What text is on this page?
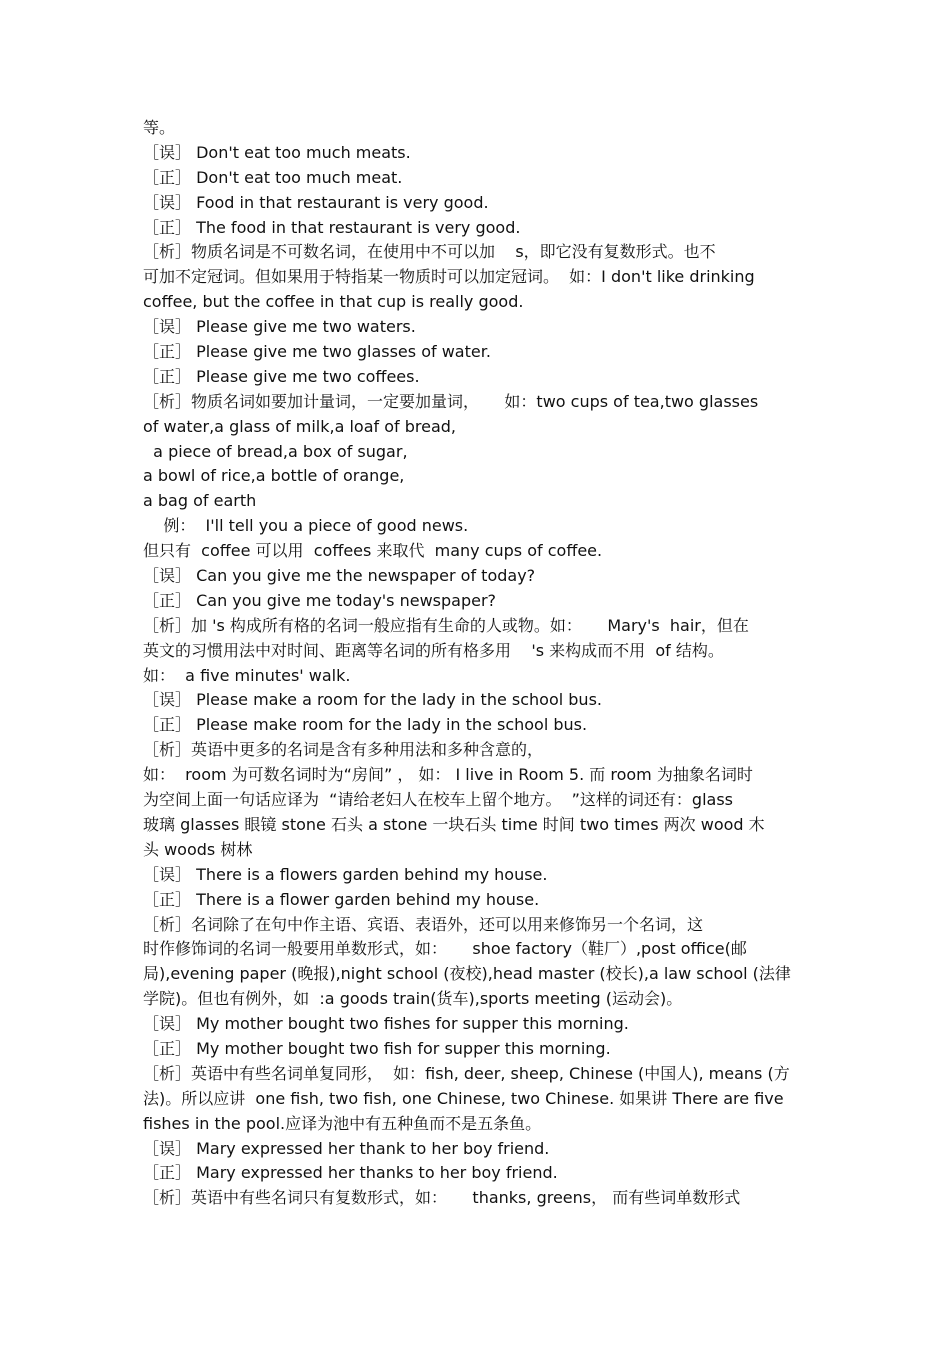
等。
［误］ Don't eat too much meats.
［正］ Don't eat too much meat.
［误］ Food in that restaurant is very good.
［正］ The food in that restaurant is very good.
［析］物质名词是不可数名词，在使用中不可以加    s，即它没有复数形式。也不
可加不定冠词。但如果用于特指某一物质时可以加定冠词。  如：I don't like drinking
coffee, but the coffee in that cup is really good.
［误］ Please give me two waters.
［正］ Please give me two glasses of water.
［正］ Please give me two coffees.
［析］物质名词如要加计量词，一定要加量词，     如：two cups of tea,two glasses
of water,a glass of milk,a loaf of bread,
a piece of bread,a box of sugar,
a bowl of rice,a bottle of orange,
a bag of earth
例：  I'll tell you a piece of good news.
但只有  coffee 可以用  coffees 来取代  many cups of coffee.
［误］ Can you give me the newspaper of today?
［正］ Can you give me today's newspaper?
［析］加 's 构成所有格的名词一般应指有生命的人或物。如：     Mary's  hair，但在
英文的习惯用法中对时间、距离等名词的所有格多用    's 来构成而不用  of 结构。
如：  a five minutes' walk.
［误］ Please make a room for the lady in the school bus.
［正］ Please make room for the lady in the school bus.
［析］英语中更多的名词是含有多种用法和多种含意的，
如：  room 为可数名词时为“房间” ， 如： I live in Room 5. 而 room 为抽象名词时
为空间上面一句话应译为  “请给老妇人在校车上留个地方。  ”这样的词还有：glass
玻璃 glasses 眼镜 stone 石头 a stone 一块石头 time 时间 two times 两次 wood 木
头 woods 树林
［误］ There is a flowers garden behind my house.
［正］ There is a flower garden behind my house.
［析］名词除了在句中作主语、宾语、表语外，还可以用来修饰另一个名词，这
时作修饰词的名词一般要用单数形式，如：     shoe factory（鞋厂）,post office(邮
局),evening paper (晚报),night school (夜校),head master (校长),a law school (法律
学院)。但也有例外，如  :a goods train(货车),sports meeting (运动会)。
［误］ My mother bought two fishes for supper this morning.
［正］ My mother bought two fish for supper this morning.
［析］英语中有些名词单复同形，  如：fish, deer, sheep, Chinese (中国人), means (方
法)。所以应讲  one fish, two fish, one Chinese, two Chinese. 如果讲 There are five
fishes in the pool.应译为池中有五种鱼而不是五条鱼。
［误］ Mary expressed her thank to her boy friend.
［正］ Mary expressed her thanks to her boy friend.
［析］英语中有些名词只有复数形式，如：     thanks, greens， 而有些词单数形式
